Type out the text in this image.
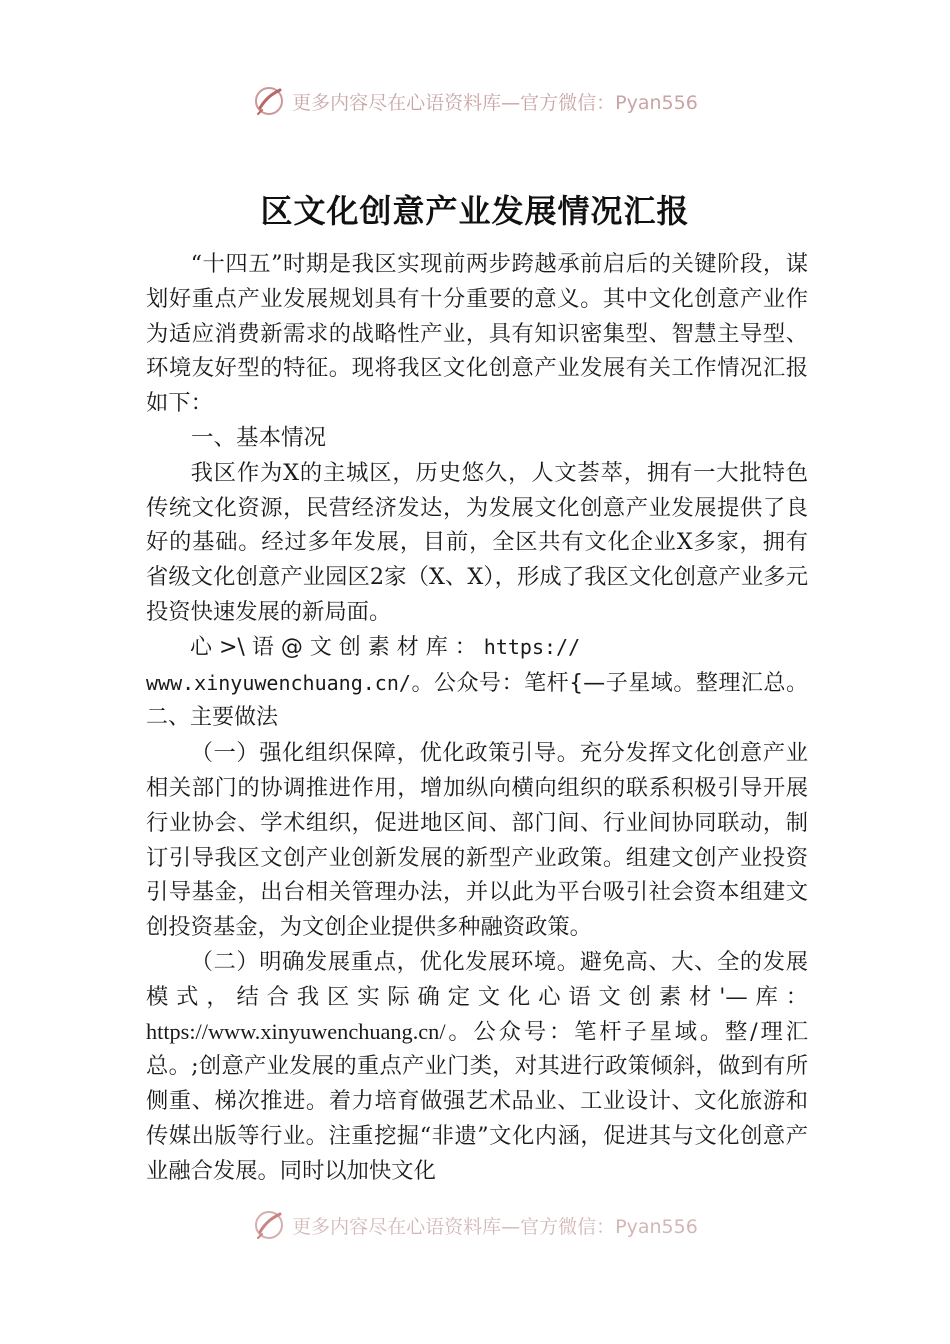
更多内容尽在心语资料库—官方微信：Pyan556
区文化创意产业发展情况汇报

“十四五”时期是我区实现前两步跨越承前启后的关键阶段，谋划好重点产业发展规划具有十分重要的意义。其中文化创意产业作为适应消费新需求的战略性产业，具有知识密集型、智慧主导型、环境友好型的特征。现将我区文化创意产业发展有关工作情况汇报如下：

一、基本情况

我区作为X的主城区，历史悠久，人文荟萃，拥有一大批特色传统文化资源，民营经济发达，为发展文化创意产业发展提供了良好的基础。经过多年发展，目前，全区共有文化企业X多家，拥有省级文化创意产业园区2家（X、X），形成了我区文化创意产业多元投资快速发展的新局面。

心 >\ 语 @ 文 创 素 材 库 ： https://
www.xinyuwenchuang.cn/。公众号：笔杆{—子星域。整理汇总。二、主要做法

（一）强化组织保障，优化政策引导。充分发挥文化创意产业相关部门的协调推进作用，增加纵向横向组织的联系积极引导开展行业协会、学术组织，促进地区间、部门间、行业间协同联动，制订引导我区文创产业创新发展的新型产业政策。组建文创产业投资引导基金，出台相关管理办法，并以此为平台吸引社会资本组建文创投资基金，为文创企业提供多种融资政策。

（二）明确发展重点，优化发展环境。避免高、大、全的发展模式，结合我区实际确定文化心语文创素材'—库：https://www.xinyuwenchuang.cn/。公众号：笔杆子星域。整/理汇总。;创意产业发展的重点产业门类，对其进行政策倾斜，做到有所侧重、梯次推进。着力培育做强艺术品业、工业设计、文化旅游和传媒出版等行业。注重挖掘“非遗”文化内涵，促进其与文化创意产业融合发展。同时以加快文化

更多内容尽在心语资料库—官方微信：Pyan556
